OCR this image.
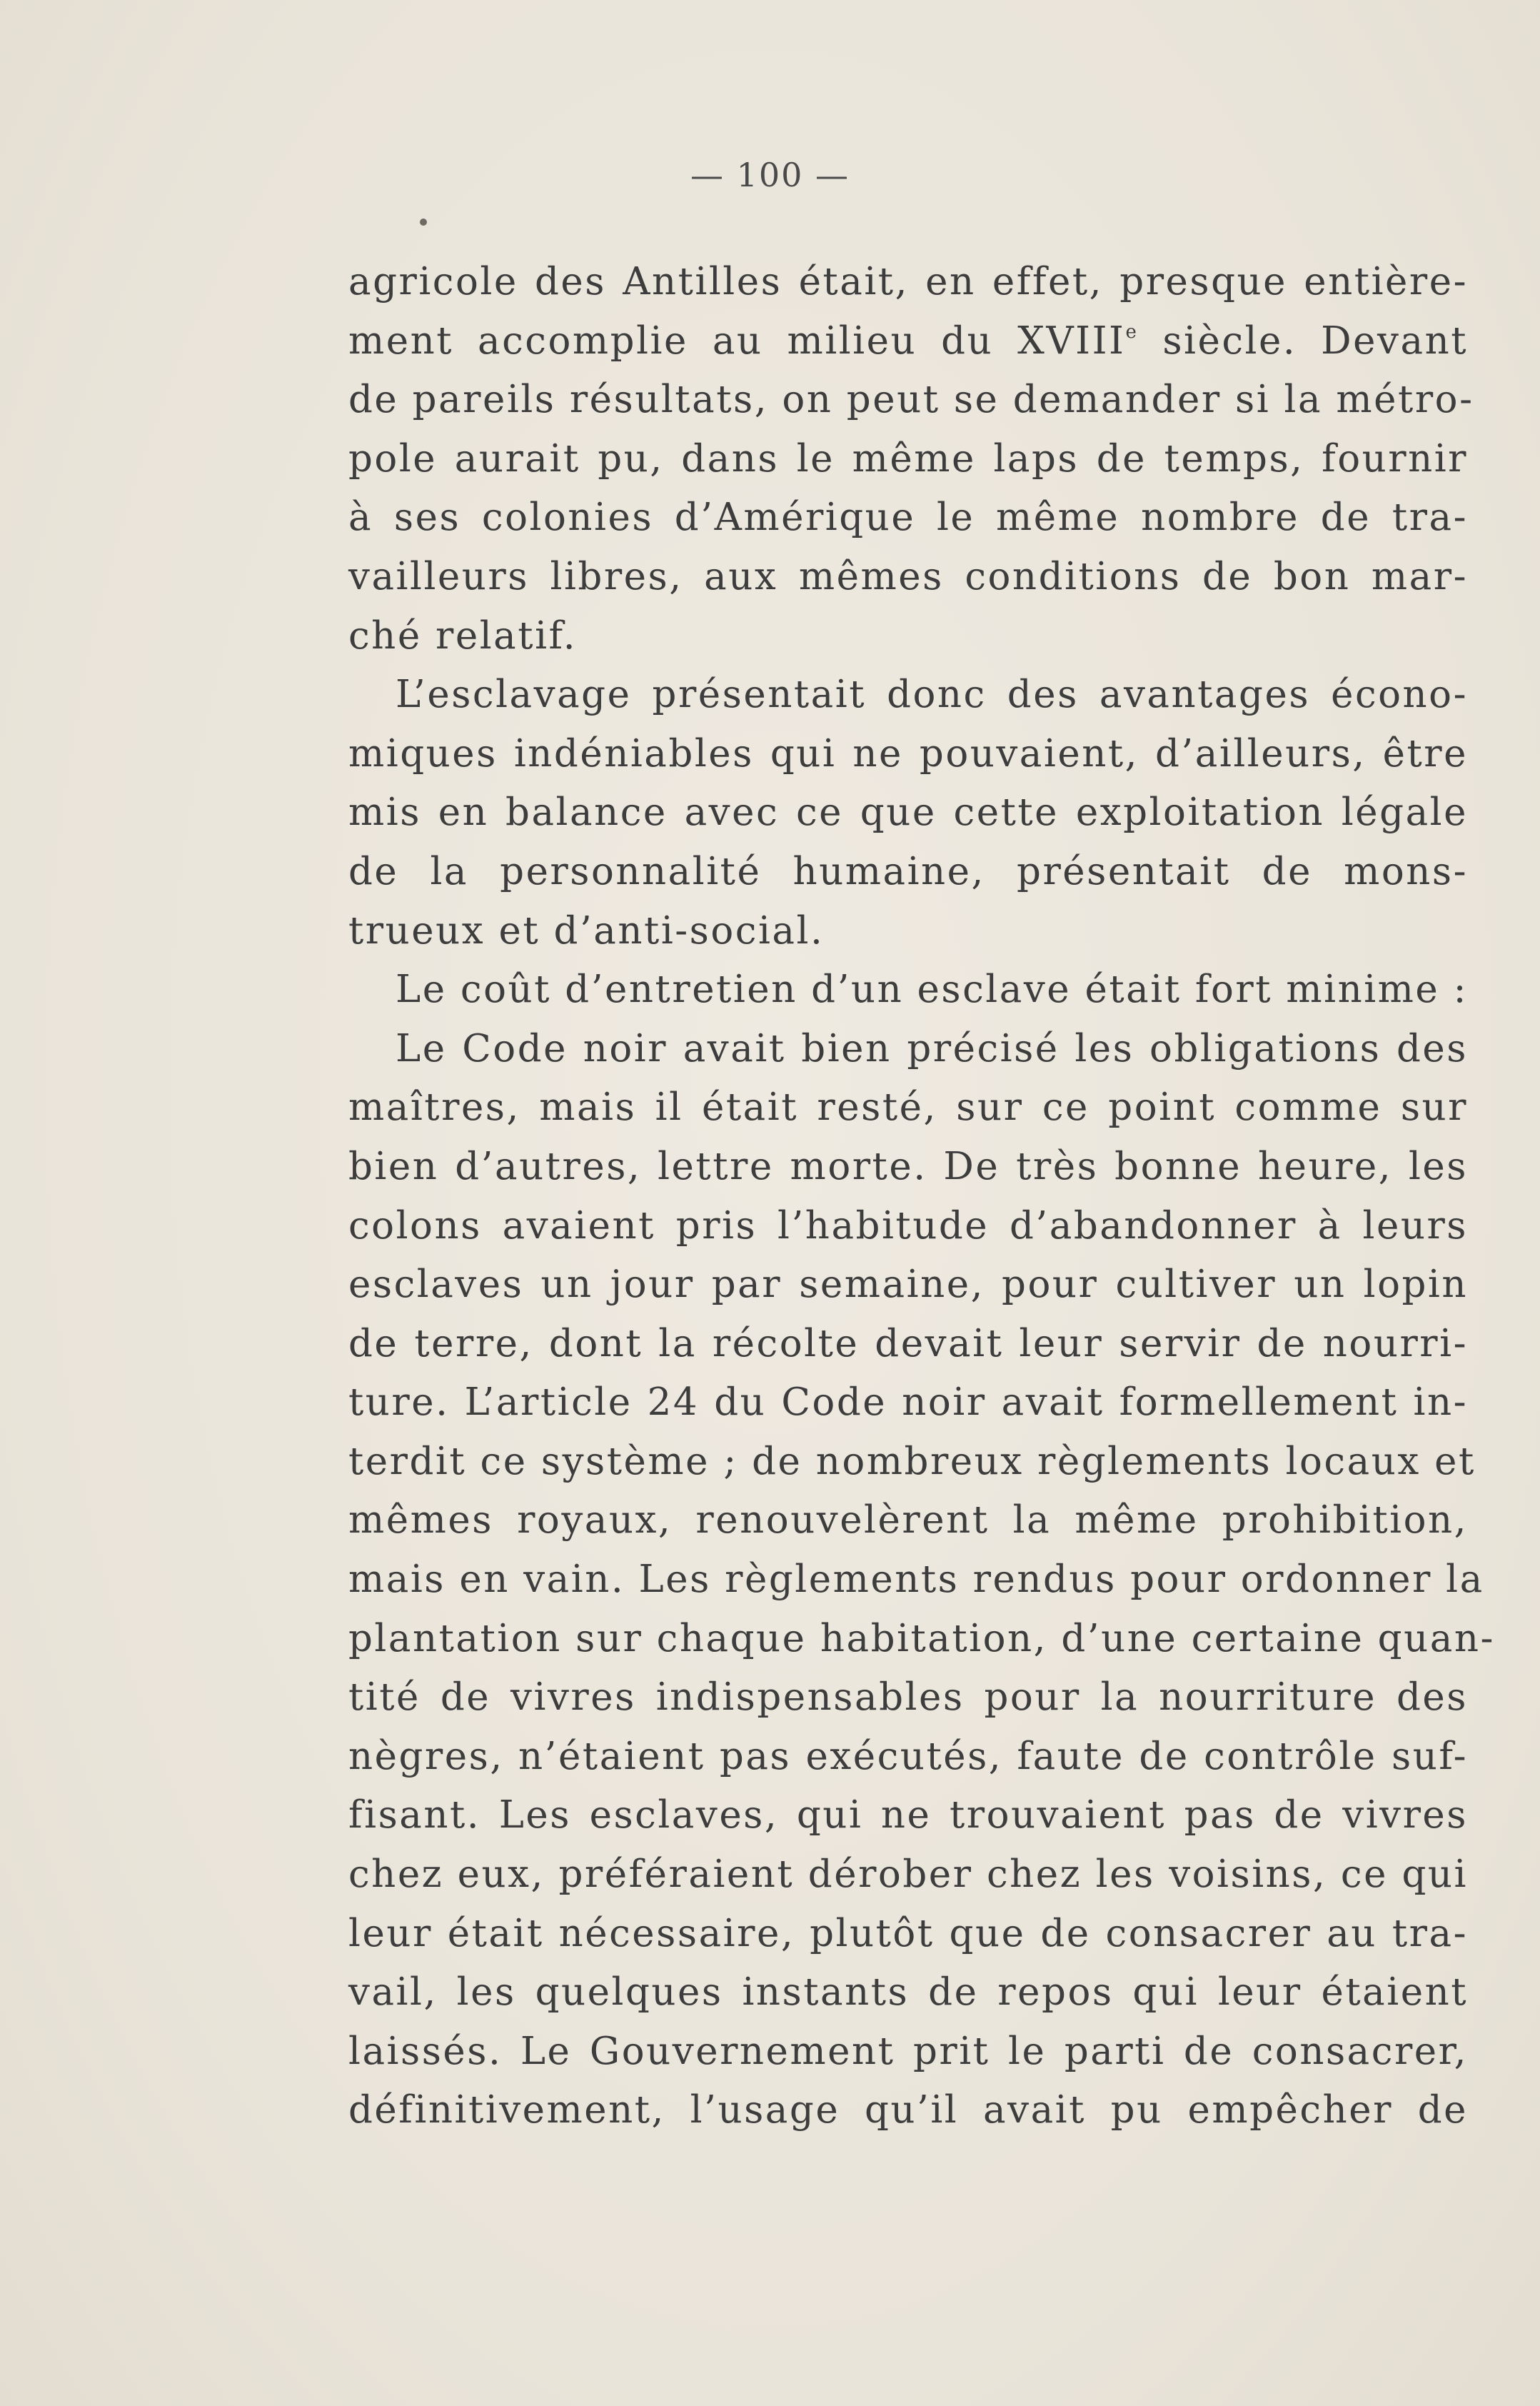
— 100 —
agricole des Antilles était, en effet, presque entière-
ment accomplie au milieu du XVIIIe siècle. Devant
de pareils résultats, on peut se demander si la métro-
pole aurait pu, dans le même laps de temps, fournir
à ses colonies d’Amérique le même nombre de tra-
vailleurs libres, aux mêmes conditions de bon mar-
ché relatif.
L’esclavage présentait donc des avantages écono-
miques indéniables qui ne pouvaient, d’ailleurs, être
mis en balance avec ce que cette exploitation légale
de la personnalité humaine, présentait de mons-
trueux et d’anti-social.
Le coût d’entretien d’un esclave était fort minime :
Le Code noir avait bien précisé les obligations des
maîtres, mais il était resté, sur ce point comme sur
bien d’autres, lettre morte. De très bonne heure, les
colons avaient pris l’habitude d’abandonner à leurs
esclaves un jour par semaine, pour cultiver un lopin
de terre, dont la récolte devait leur servir de nourri-
ture. L’article 24 du Code noir avait formellement in-
terdit ce système ; de nombreux règlements locaux et
mêmes royaux, renouvelèrent la même prohibition,
mais en vain. Les règlements rendus pour ordonner la
plantation sur chaque habitation, d’une certaine quan-
tité de vivres indispensables pour la nourriture des
nègres, n’étaient pas exécutés, faute de contrôle suf-
fisant. Les esclaves, qui ne trouvaient pas de vivres
chez eux, préféraient dérober chez les voisins, ce qui
leur était nécessaire, plutôt que de consacrer au tra-
vail, les quelques instants de repos qui leur étaient
laissés. Le Gouvernement prit le parti de consacrer,
définitivement, l’usage qu’il avait pu empêcher de
